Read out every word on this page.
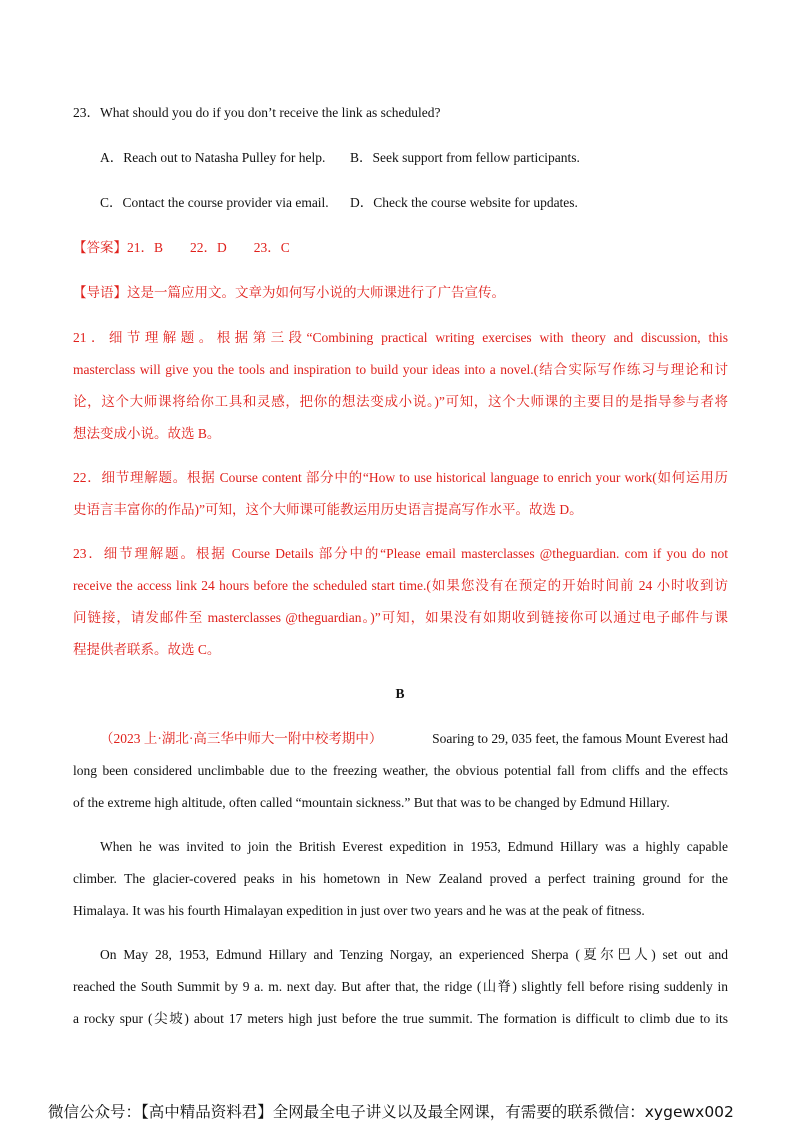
23．What should you do if you don’t receive the link as scheduled?
A．Reach out to Natasha Pulley for help. B．Seek support from fellow participants.
C．Contact the course provider via email. D．Check the course website for updates.
【答案】21．B　　22．D　　23．C
【导语】这是一篇应用文。文章为如何写小说的大师课进行了广告宣传。
21．细节理解题。根据第三段“Combining practical writing exercises with theory and discussion, this
masterclass will give you the tools and inspiration to build your ideas into a novel.(结合实际写作练习与理论和讨
论，这个大师课将给你工具和灵感，把你的想法变成小说。)”可知，这个大师课的主要目的是指导参与者将
想法变成小说。故选 B。
22．细节理解题。根据 Course content 部分中的“How to use historical language to enrich your work(如何运用历
史语言丰富你的作品)”可知，这个大师课可能教运用历史语言提高写作水平。故选 D。
23．细节理解题。根据 Course Details 部分中的“Please email masterclasses @theguardian. com if you do not
receive the access link 24 hours before the scheduled start time.(如果您没有在预定的开始时间前 24 小时收到访
问链接，请发邮件至 masterclasses @theguardian。)”可知，如果没有如期收到链接你可以通过电子邮件与课
程提供者联系。故选 C。
B
（2023 上·湖北·高三华中师大一附中校考期中）	Soaring to 29, 035 feet, the famous Mount Everest had
long been considered unclimbable due to the freezing weather, the obvious potential fall from cliffs and the effects
of the extreme high altitude, often called “mountain sickness.” But that was to be changed by Edmund Hillary.
When he was invited to join the British Everest expedition in 1953, Edmund Hillary was a highly capable
climber. The glacier-covered peaks in his hometown in New Zealand proved a perfect training ground for the
Himalaya. It was his fourth Himalayan expedition in just over two years and he was at the peak of fitness.
On May 28, 1953, Edmund Hillary and Tenzing Norgay, an experienced Sherpa (夏尔巴人) set out and
reached the South Summit by 9 a. m. next day. But after that, the ridge (山脊) slightly fell before rising suddenly in
a rocky spur (尖坡) about 17 meters high just before the true summit. The formation is difficult to climb due to its
微信公众号：【高中精品资料君】全网最全电子讲义以及最全网课，有需要的联系微信：xygewx002
